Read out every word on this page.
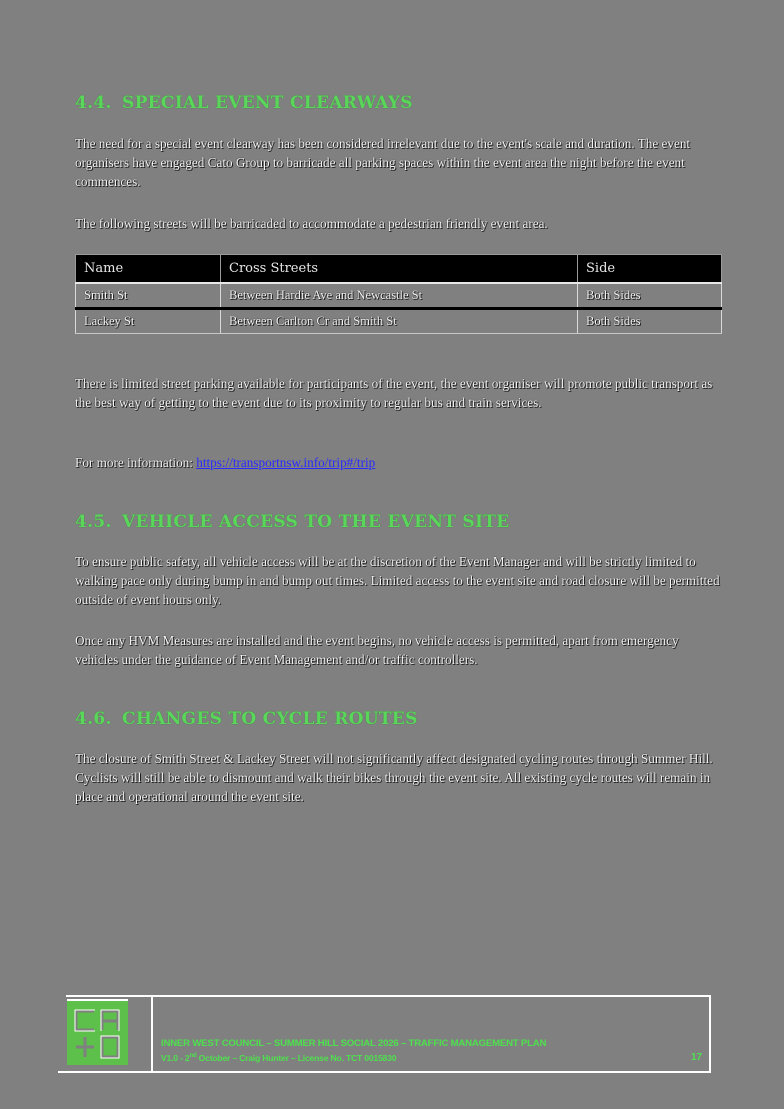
4.4. SPECIAL EVENT CLEARWAYS
The need for a special event clearway has been considered irrelevant due to the event's scale and duration. The event organisers have engaged Cato Group to barricade all parking spaces within the event area the night before the event commences.
The following streets will be barricaded to accommodate a pedestrian friendly event area.
Name	Cross Streets	Side
Smith St	Between Hardie Ave and Newcastle St	Both Sides
Lackey St	Between Carlton Cr and Smith St	Both Sides
There is limited street parking available for participants of the event, the event organiser will promote public transport as the best way of getting to the event due to its proximity to regular bus and train services.
For more information: https://transportnsw.info/trip#/trip
4.5. VEHICLE ACCESS TO THE EVENT SITE
To ensure public safety, all vehicle access will be at the discretion of the Event Manager and will be strictly limited to walking pace only during bump in and bump out times. Limited access to the event site and road closure will be permitted outside of event hours only.
Once any HVM Measures are installed and the event begins, no vehicle access is permitted, apart from emergency vehicles under the guidance of Event Management and/or traffic controllers.
4.6. CHANGES TO CYCLE ROUTES
The closure of Smith Street & Lackey Street will not significantly affect designated cycling routes through Summer Hill. Cyclists will still be able to dismount and walk their bikes through the event site. All existing cycle routes will remain in place and operational around the event site.
INNER WEST COUNCIL – SUMMER HILL SOCIAL 2026 – TRAFFIC MANAGEMENT PLAN
V1.0 - 2nd October – Craig Hunter – License No. TCT 0015830	17
